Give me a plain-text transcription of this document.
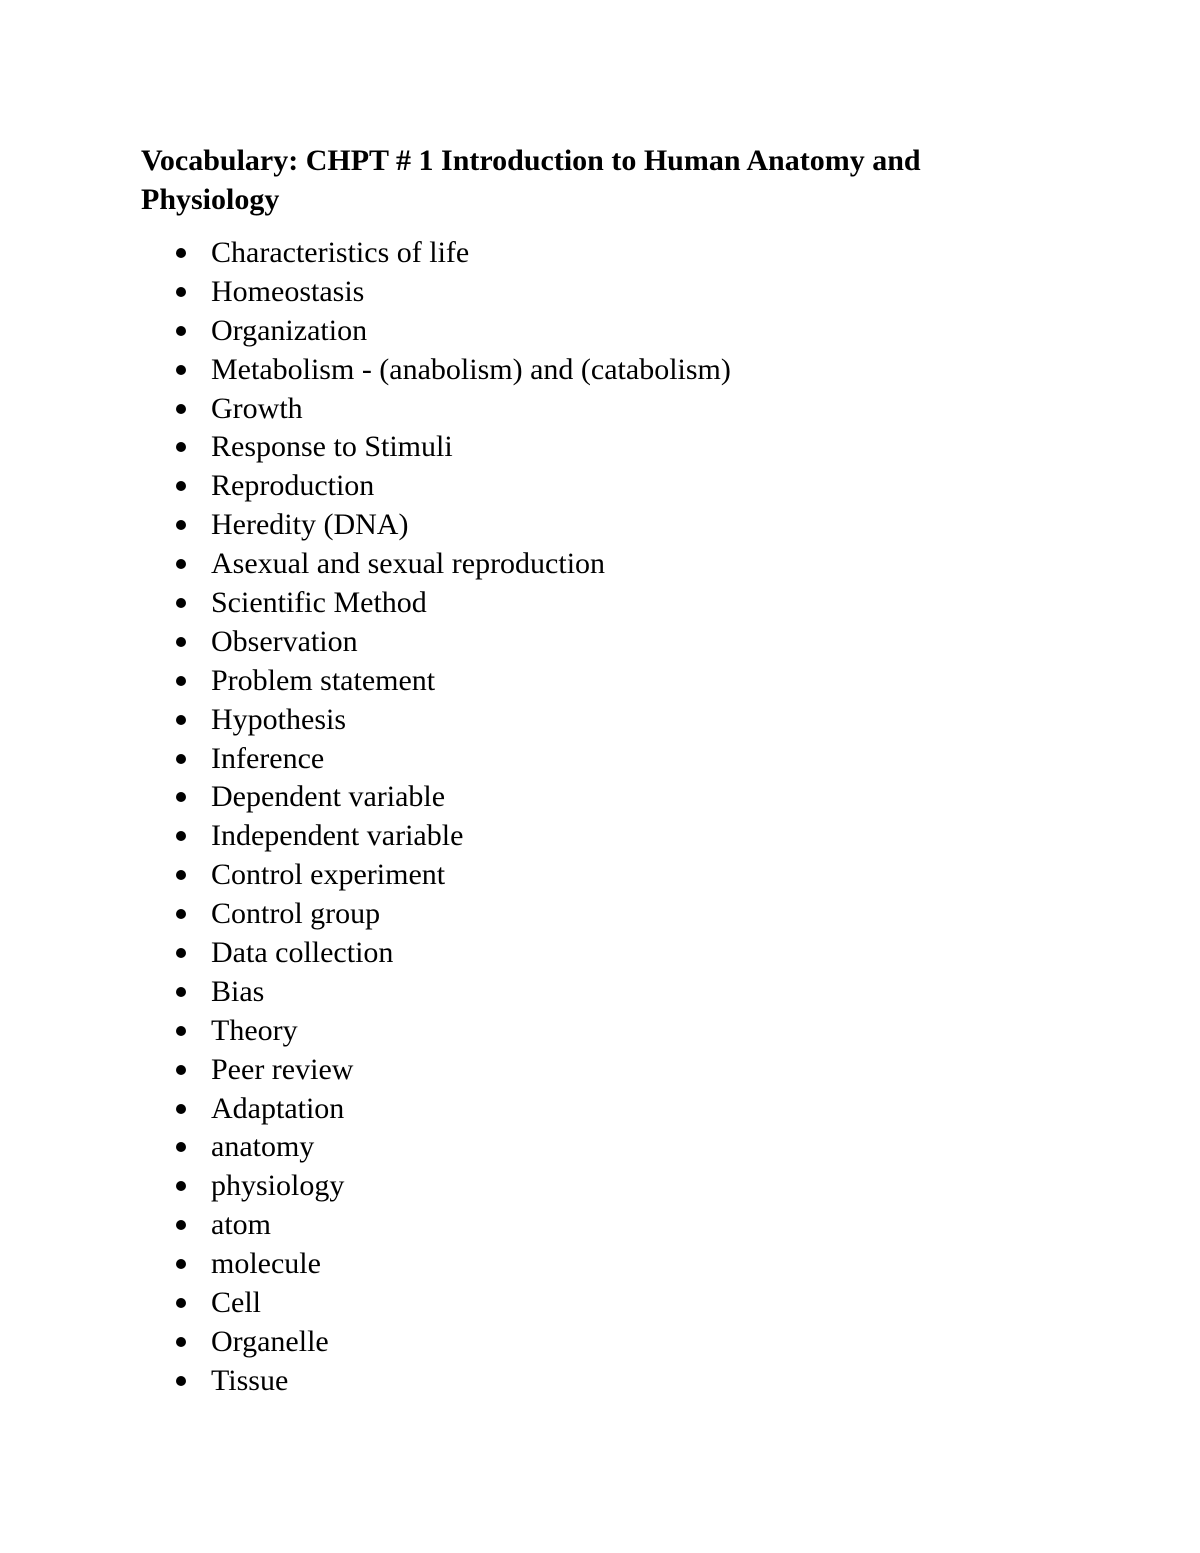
Vocabulary: CHPT # 1 Introduction to Human Anatomy and Physiology
Characteristics of life
Homeostasis
Organization
Metabolism - (anabolism) and (catabolism)
Growth
Response to Stimuli
Reproduction
Heredity (DNA)
Asexual and sexual reproduction
Scientific Method
Observation
Problem statement
Hypothesis
Inference
Dependent variable
Independent variable
Control experiment
Control group
Data collection
Bias
Theory
Peer review
Adaptation
anatomy
physiology
atom
molecule
Cell
Organelle
Tissue
